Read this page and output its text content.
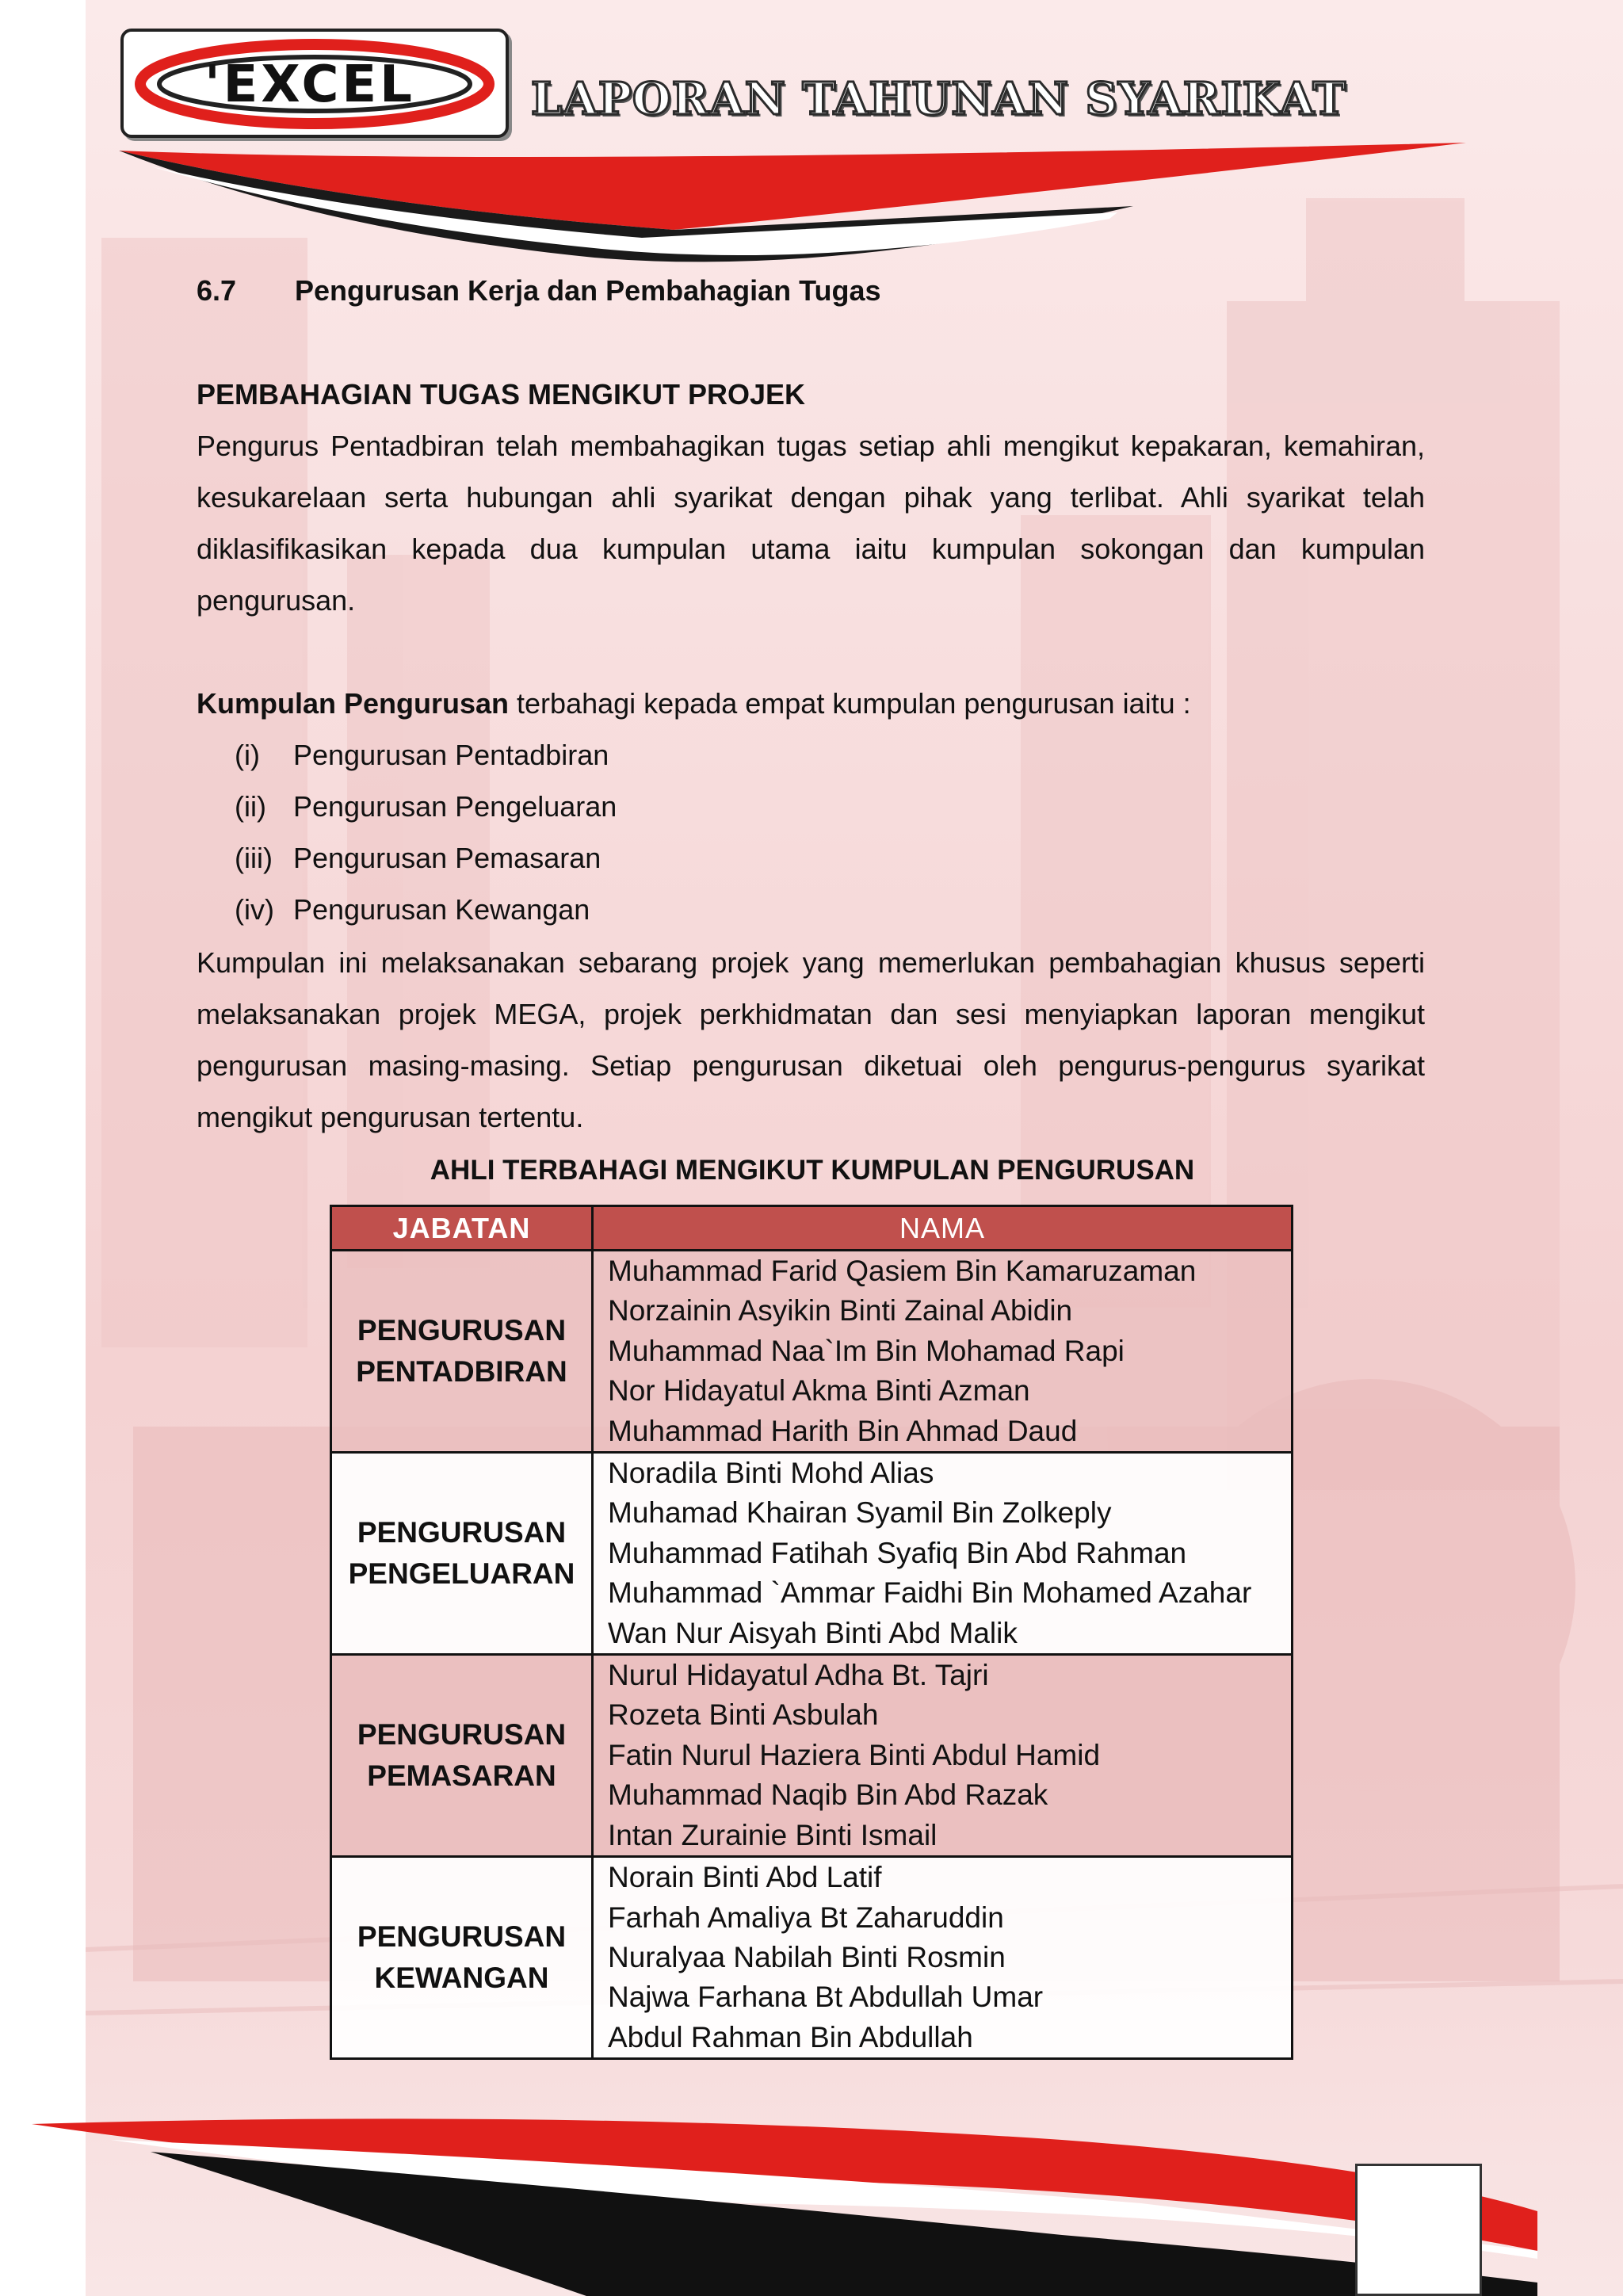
'EXCEL	LAPORAN TAHUNAN SYARIKAT
6.7 Pengurusan Kerja dan Pembahagian Tugas
PEMBAHAGIAN TUGAS MENGIKUT PROJEK
Pengurus Pentadbiran telah membahagikan tugas setiap ahli mengikut kepakaran, kemahiran, kesukarelaan serta hubungan ahli syarikat dengan pihak yang terlibat. Ahli syarikat telah diklasifikasikan kepada dua kumpulan utama iaitu kumpulan sokongan dan kumpulan pengurusan.
Kumpulan Pengurusan terbahagi kepada empat kumpulan pengurusan iaitu :
(i) Pengurusan Pentadbiran
(ii) Pengurusan Pengeluaran
(iii) Pengurusan Pemasaran
(iv) Pengurusan Kewangan
Kumpulan ini melaksanakan sebarang projek yang memerlukan pembahagian khusus seperti melaksanakan projek MEGA, projek perkhidmatan dan sesi menyiapkan laporan mengikut pengurusan masing-masing. Setiap pengurusan diketuai oleh pengurus-pengurus syarikat mengikut pengurusan tertentu.
AHLI TERBAHAGI MENGIKUT KUMPULAN PENGURUSAN
JABATAN	NAMA
PENGURUSAN
PENTADBIRAN	Muhammad Farid Qasiem Bin Kamaruzaman
Norzainin Asyikin Binti Zainal Abidin
Muhammad Naa`Im Bin Mohamad Rapi
Nor Hidayatul Akma Binti Azman
Muhammad Harith Bin Ahmad Daud

PENGURUSAN
PENGELUARAN	Noradila Binti Mohd Alias
Muhamad Khairan Syamil Bin Zolkeply
Muhammad Fatihah Syafiq Bin Abd Rahman
Muhammad `Ammar Faidhi Bin Mohamed Azahar
Wan Nur Aisyah Binti Abd Malik

PENGURUSAN
PEMASARAN	Nurul Hidayatul Adha Bt. Tajri
Rozeta Binti Asbulah
Fatin Nurul Haziera Binti Abdul Hamid
Muhammad Naqib Bin Abd Razak
Intan Zurainie Binti Ismail

PENGURUSAN
KEWANGAN	Norain Binti Abd Latif
Farhah Amaliya Bt Zaharuddin
Nuralyaa Nabilah Binti Rosmin
Najwa Farhana Bt Abdullah Umar
Abdul Rahman Bin Abdullah
